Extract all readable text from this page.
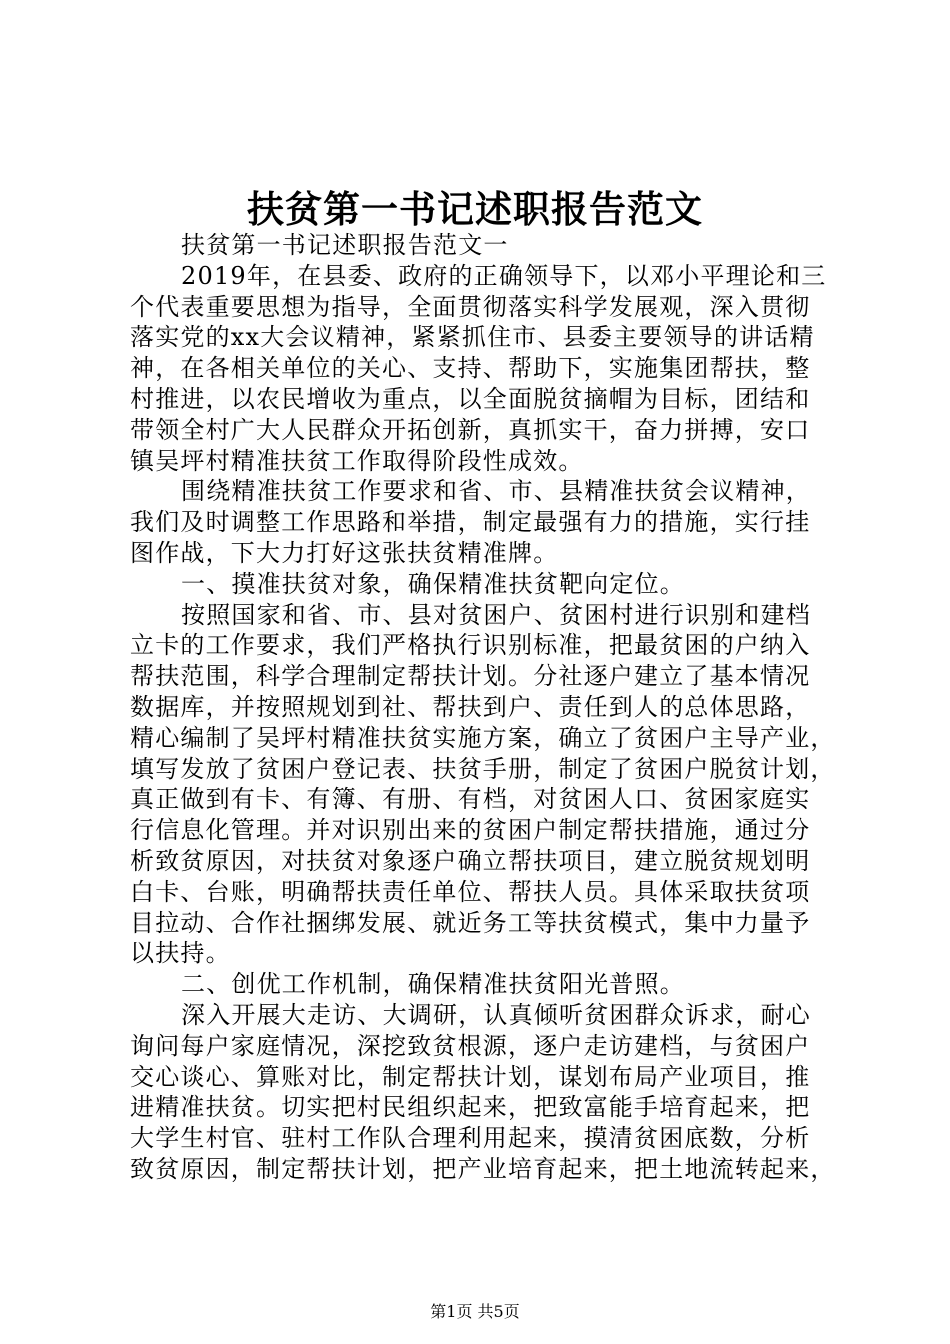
扶贫第一书记述职报告范文
扶贫第一书记述职报告范文一
2019年，在县委、政府的正确领导下，以邓小平理论和三
个代表重要思想为指导，全面贯彻落实科学发展观，深入贯彻
落实党的xx大会议精神，紧紧抓住市、县委主要领导的讲话精
神，在各相关单位的关心、支持、帮助下，实施集团帮扶，整
村推进，以农民增收为重点，以全面脱贫摘帽为目标，团结和
带领全村广大人民群众开拓创新，真抓实干，奋力拼搏，安口
镇吴坪村精准扶贫工作取得阶段性成效。
围绕精准扶贫工作要求和省、市、县精准扶贫会议精神，
我们及时调整工作思路和举措，制定最强有力的措施，实行挂
图作战，下大力打好这张扶贫精准牌。
一、摸准扶贫对象，确保精准扶贫靶向定位。
按照国家和省、市、县对贫困户、贫困村进行识别和建档
立卡的工作要求，我们严格执行识别标准，把最贫困的户纳入
帮扶范围，科学合理制定帮扶计划。分社逐户建立了基本情况
数据库，并按照规划到社、帮扶到户、责任到人的总体思路，
精心编制了吴坪村精准扶贫实施方案，确立了贫困户主导产业，
填写发放了贫困户登记表、扶贫手册，制定了贫困户脱贫计划，
真正做到有卡、有簿、有册、有档，对贫困人口、贫困家庭实
行信息化管理。并对识别出来的贫困户制定帮扶措施，通过分
析致贫原因，对扶贫对象逐户确立帮扶项目，建立脱贫规划明
白卡、台账，明确帮扶责任单位、帮扶人员。具体采取扶贫项
目拉动、合作社捆绑发展、就近务工等扶贫模式，集中力量予
以扶持。
二、创优工作机制，确保精准扶贫阳光普照。
深入开展大走访、大调研，认真倾听贫困群众诉求，耐心
询问每户家庭情况，深挖致贫根源，逐户走访建档，与贫困户
交心谈心、算账对比，制定帮扶计划，谋划布局产业项目，推
进精准扶贫。切实把村民组织起来，把致富能手培育起来，把
大学生村官、驻村工作队合理利用起来，摸清贫困底数，分析
致贫原因，制定帮扶计划，把产业培育起来，把土地流转起来，
第1页 共5页
